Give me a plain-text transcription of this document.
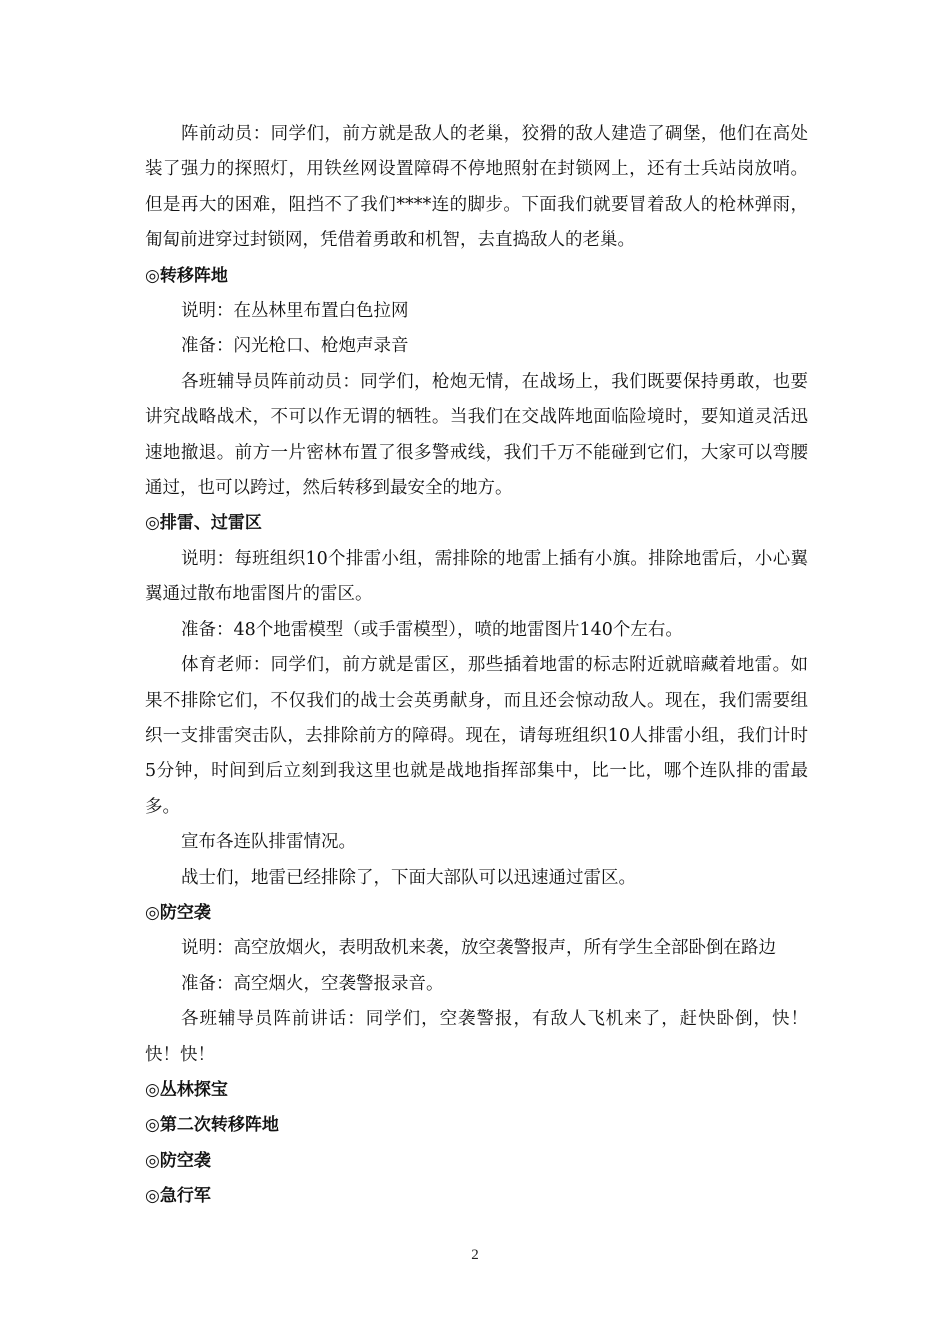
阵前动员：同学们，前方就是敌人的老巢，狡猾的敌人建造了碉堡，他们在高处装了强力的探照灯，用铁丝网设置障碍不停地照射在封锁网上，还有士兵站岗放哨。但是再大的困难，阻挡不了我们****连的脚步。下面我们就要冒着敌人的枪林弹雨，匍匐前进穿过封锁网，凭借着勇敢和机智，去直捣敌人的老巢。

◎转移阵地

说明：在丛林里布置白色拉网

准备：闪光枪口、枪炮声录音

各班辅导员阵前动员：同学们，枪炮无情，在战场上，我们既要保持勇敢，也要讲究战略战术，不可以作无谓的牺牲。当我们在交战阵地面临险境时，要知道灵活迅速地撤退。前方一片密林布置了很多警戒线，我们千万不能碰到它们，大家可以弯腰通过，也可以跨过，然后转移到最安全的地方。

◎排雷、过雷区

说明：每班组织10个排雷小组，需排除的地雷上插有小旗。排除地雷后，小心翼翼通过散布地雷图片的雷区。

准备：48个地雷模型（或手雷模型），喷的地雷图片140个左右。

体育老师：同学们，前方就是雷区，那些插着地雷的标志附近就暗藏着地雷。如果不排除它们，不仅我们的战士会英勇献身，而且还会惊动敌人。现在，我们需要组织一支排雷突击队，去排除前方的障碍。现在，请每班组织10人排雷小组，我们计时5分钟，时间到后立刻到我这里也就是战地指挥部集中，比一比，哪个连队排的雷最多。

宣布各连队排雷情况。

战士们，地雷已经排除了，下面大部队可以迅速通过雷区。

◎防空袭

说明：高空放烟火，表明敌机来袭，放空袭警报声，所有学生全部卧倒在路边

准备：高空烟火，空袭警报录音。

各班辅导员阵前讲话：同学们，空袭警报，有敌人飞机来了，赶快卧倒，快！快！快！

◎丛林探宝

◎第二次转移阵地

◎防空袭

◎急行军

2
